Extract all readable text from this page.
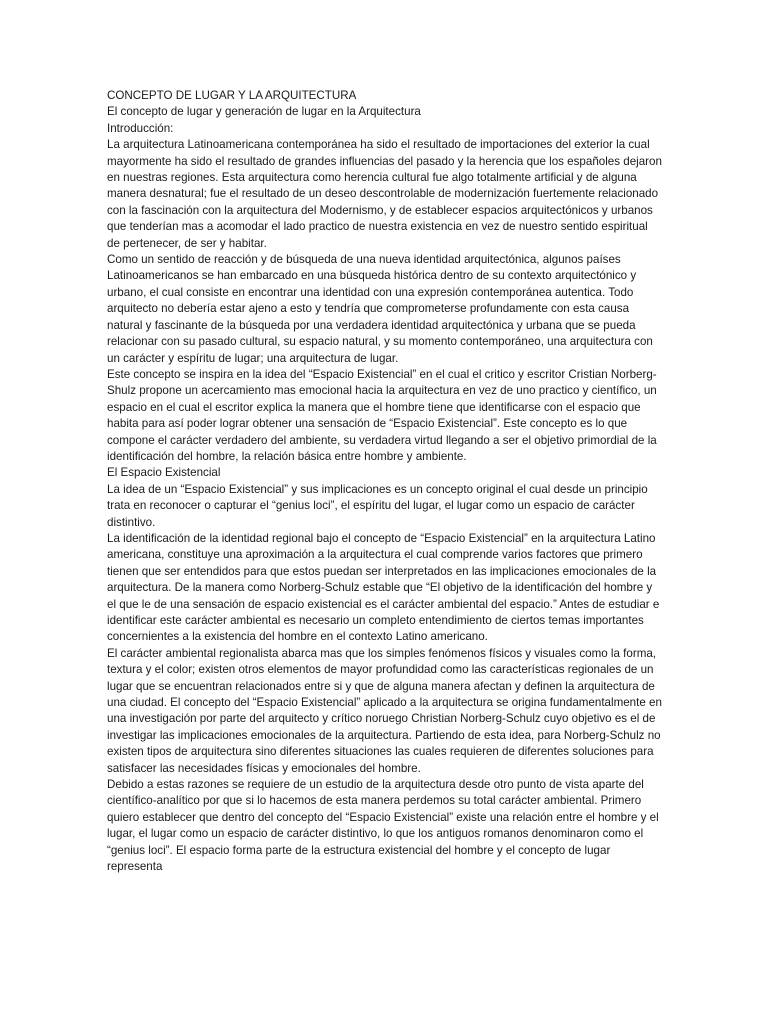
CONCEPTO DE LUGAR Y LA ARQUITECTURA

El concepto de lugar y generación de lugar en la Arquitectura

Introducción:

La arquitectura Latinoamericana contemporánea ha sido el resultado de importaciones del exterior la cual mayormente ha sido el resultado de grandes influencias del pasado y la herencia que los españoles dejaron en nuestras regiones. Esta arquitectura como herencia cultural fue algo totalmente artificial y de alguna manera desnatural; fue el resultado de un deseo descontrolable de modernización fuertemente relacionado con la fascinación con la arquitectura del Modernismo, y de establecer espacios arquitectónicos y urbanos que tenderían mas a acomodar el lado practico de nuestra existencia en vez de nuestro sentido espiritual de pertenecer, de ser y habitar.

Como un sentido de reacción y de búsqueda de una nueva identidad arquitectónica, algunos países Latinoamericanos se han embarcado en una búsqueda histórica dentro de su contexto arquitectónico y urbano, el cual consiste en encontrar una identidad con una expresión contemporánea autentica. Todo arquitecto no debería estar ajeno a esto y tendría que comprometerse profundamente con esta causa natural y fascinante de la búsqueda por una verdadera identidad arquitectónica y urbana que se pueda relacionar con su pasado cultural, su espacio natural, y su momento contemporáneo, una arquitectura con un carácter y espíritu de lugar; una arquitectura de lugar.

Este concepto se inspira en la idea del “Espacio Existencial” en el cual el critico y escritor Cristian Norberg-Shulz propone un acercamiento mas emocional hacia la arquitectura en vez de uno practico y científico, un espacio en el cual el escritor explica la manera que el hombre tiene que identificarse con el espacio que habita para así poder lograr obtener una sensación de “Espacio Existencial”. Este concepto es lo que compone el carácter verdadero del ambiente, su verdadera virtud llegando a ser el objetivo primordial de la identificación del hombre, la relación básica entre hombre y ambiente.

El Espacio Existencial

La idea de un “Espacio Existencial” y sus implicaciones es un concepto original el cual desde un principio trata en reconocer o capturar el “genius loci”, el espíritu del lugar, el lugar como un espacio de carácter distintivo.

La identificación de la identidad regional bajo el concepto de “Espacio Existencial” en la arquitectura Latino americana, constituye una aproximación a la arquitectura el cual comprende varios factores que primero tienen que ser entendidos para que estos puedan ser interpretados en las implicaciones emocionales de la arquitectura. De la manera como Norberg-Schulz estable que “El objetivo de la identificación del hombre y el que le de una sensación de espacio existencial es el carácter ambiental del espacio.” Antes de estudiar e identificar este carácter ambiental es necesario un completo entendimiento de ciertos temas importantes concernientes a la existencia del hombre en el contexto Latino americano.

El carácter ambiental regionalista abarca mas que los simples fenómenos físicos y visuales como la forma, textura y el color; existen otros elementos de mayor profundidad como las características regionales de un lugar que se encuentran relacionados entre si y que de alguna manera afectan y definen la arquitectura de una ciudad. El concepto del “Espacio Existencial” aplicado a la arquitectura se origina fundamentalmente en una investigación por parte del arquitecto y crítico noruego Christian Norberg-Schulz cuyo objetivo es el de investigar las implicaciones emocionales de la arquitectura. Partiendo de esta idea, para Norberg-Schulz no existen tipos de arquitectura sino diferentes situaciones las cuales requieren de diferentes soluciones para satisfacer las necesidades físicas y emocionales del hombre.

Debido a estas razones se requiere de un estudio de la arquitectura desde otro punto de vista aparte del científico-analítico por que si lo hacemos de esta manera perdemos su total carácter ambiental. Primero quiero establecer que dentro del concepto del “Espacio Existencial” existe una relación entre el hombre y el lugar, el lugar como un espacio de carácter distintivo, lo que los antiguos romanos denominaron como el “genius loci”. El espacio forma parte de la estructura existencial del hombre y el concepto de lugar representa
